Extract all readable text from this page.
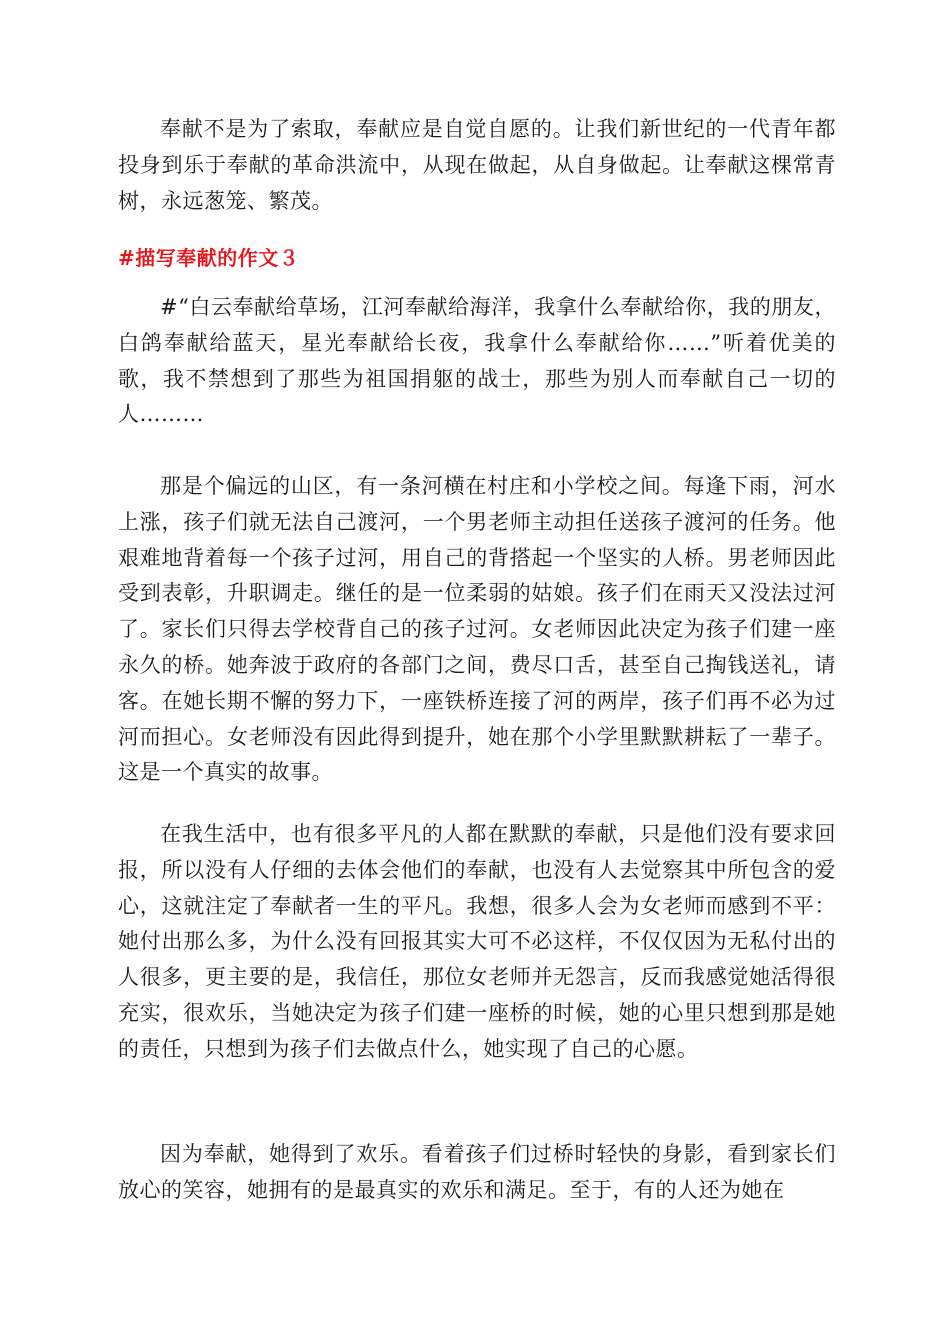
奉献不是为了索取，奉献应是自觉自愿的。让我们新世纪的一代青年都投身到乐于奉献的革命洪流中，从现在做起，从自身做起。让奉献这棵常青树，永远葱笼、繁茂。

#描写奉献的作文３

#“白云奉献给草场，江河奉献给海洋，我拿什么奉献给你，我的朋友，白鸽奉献给蓝天，星光奉献给长夜，我拿什么奉献给你……”听着优美的歌，我不禁想到了那些为祖国捐躯的战士，那些为别人而奉献自己一切的人………

那是个偏远的山区，有一条河横在村庄和小学校之间。每逢下雨，河水上涨，孩子们就无法自己渡河，一个男老师主动担任送孩子渡河的任务。他艰难地背着每一个孩子过河，用自己的背搭起一个坚实的人桥。男老师因此受到表彰，升职调走。继任的是一位柔弱的姑娘。孩子们在雨天又没法过河了。家长们只得去学校背自己的孩子过河。女老师因此决定为孩子们建一座永久的桥。她奔波于政府的各部门之间，费尽口舌，甚至自己掏钱送礼，请客。在她长期不懈的努力下，一座铁桥连接了河的两岸，孩子们再不必为过河而担心。女老师没有因此得到提升，她在那个小学里默默耕耘了一辈子。这是一个真实的故事。

在我生活中，也有很多平凡的人都在默默的奉献，只是他们没有要求回报，所以没有人仔细的去体会他们的奉献，也没有人去觉察其中所包含的爱心，这就注定了奉献者一生的平凡。我想，很多人会为女老师而感到不平：她付出那么多，为什么没有回报其实大可不必这样，不仅仅因为无私付出的人很多，更主要的是，我信任，那位女老师并无怨言，反而我感觉她活得很充实，很欢乐，当她决定为孩子们建一座桥的时候，她的心里只想到那是她的责任，只想到为孩子们去做点什么，她实现了自己的心愿。

因为奉献，她得到了欢乐。看着孩子们过桥时轻快的身影，看到家长们放心的笑容，她拥有的是最真实的欢乐和满足。至于，有的人还为她在
